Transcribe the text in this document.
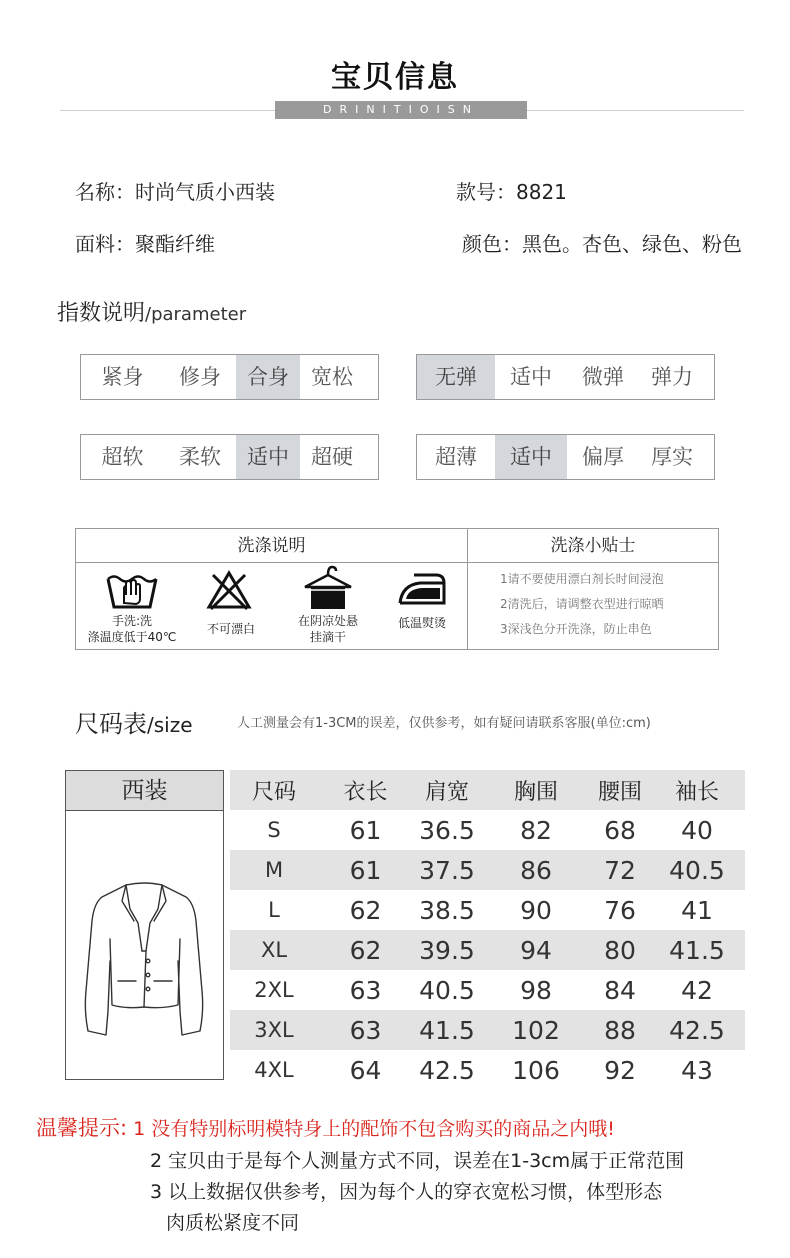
宝贝信息
DRINITIOISN
名称：时尚气质小西装	款号：8821
面料：聚酯纤维	颜色：黑色。杏色、绿色、粉色
指数说明/parameter
紧身	修身	合身	宽松	无弹	适中	微弹	弹力
超软	柔软	适中	超硬	超薄	适中	偏厚	厚实
洗涤说明	洗涤小贴士
手洗:洗
涤温度低于40℃
不可漂白
在阴凉处悬
挂滴干
低温熨烫
1请不要使用漂白剂长时间浸泡
2清洗后，请调整衣型进行晾晒
3深浅色分开洗涤，防止串色
尺码表/size	人工测量会有1-3CM的误差，仅供参考，如有疑问请联系客服(单位:cm)
西装	尺码	衣长	肩宽	胸围	腰围	袖长
S	61	36.5	82	68	40
M	61	37.5	86	72	40.5
L	62	38.5	90	76	41
XL	62	39.5	94	80	41.5
2XL	63	40.5	98	84	42
3XL	63	41.5	102	88	42.5
4XL	64	42.5	106	92	43
温馨提示: 1 没有特别标明模特身上的配饰不包含购买的商品之内哦!
2 宝贝由于是每个人测量方式不同，误差在1-3cm属于正常范围
3 以上数据仅供参考，因为每个人的穿衣宽松习惯，体型形态
肉质松紧度不同
